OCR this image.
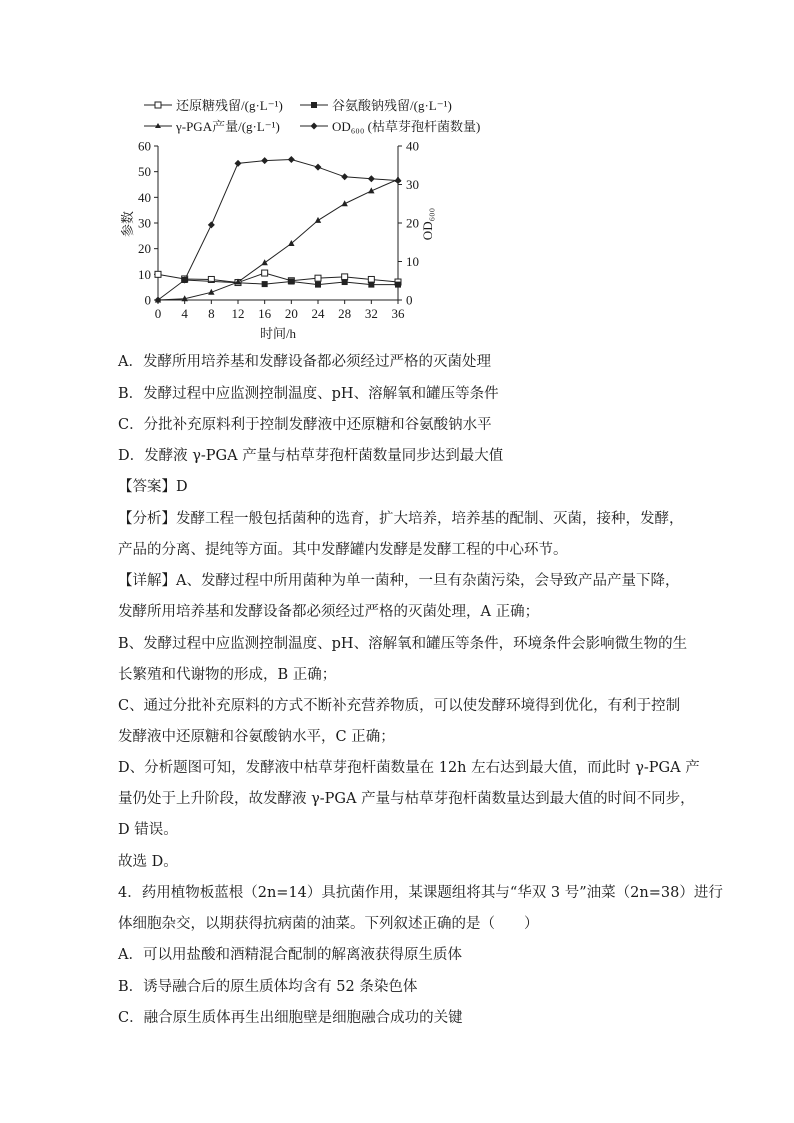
还原糖残留/(g·L⁻¹)	谷氨酸钠残留/(g·L⁻¹)
γ-PGA产量/(g·L⁻¹)	OD₆₀₀ (枯草芽孢杆菌数量)
0 4 8 12 16 20 24 28 32 36
0
10
20
30
40
50
60
0
10
20
30
40
参数	OD₆₀₀
时间/h
A．发酵所用培养基和发酵设备都必须经过严格的灭菌处理
B．发酵过程中应监测控制温度、pH、溶解氧和罐压等条件
C．分批补充原料利于控制发酵液中还原糖和谷氨酸钠水平
D．发酵液 γ-PGA 产量与枯草芽孢杆菌数量同步达到最大值
【答案】D
【分析】发酵工程一般包括菌种的选育，扩大培养，培养基的配制、灭菌，接种，发酵，
产品的分离、提纯等方面。其中发酵罐内发酵是发酵工程的中心环节。
【详解】A、发酵过程中所用菌种为单一菌种，一旦有杂菌污染，会导致产品产量下降，
发酵所用培养基和发酵设备都必须经过严格的灭菌处理，A 正确；
B、发酵过程中应监测控制温度、pH、溶解氧和罐压等条件，环境条件会影响微生物的生
长繁殖和代谢物的形成，B 正确；
C、通过分批补充原料的方式不断补充营养物质，可以使发酵环境得到优化，有利于控制
发酵液中还原糖和谷氨酸钠水平，C 正确；
D、分析题图可知，发酵液中枯草芽孢杆菌数量在 12h 左右达到最大值，而此时 γ-PGA 产
量仍处于上升阶段，故发酵液 γ-PGA 产量与枯草芽孢杆菌数量达到最大值的时间不同步，
D 错误。
故选 D。
4．药用植物板蓝根（2n=14）具抗菌作用，某课题组将其与“华双 3 号”油菜（2n=38）进行
体细胞杂交，以期获得抗病菌的油菜。下列叙述正确的是（　　）
A．可以用盐酸和酒精混合配制的解离液获得原生质体
B．诱导融合后的原生质体均含有 52 条染色体
C．融合原生质体再生出细胞壁是细胞融合成功的关键
